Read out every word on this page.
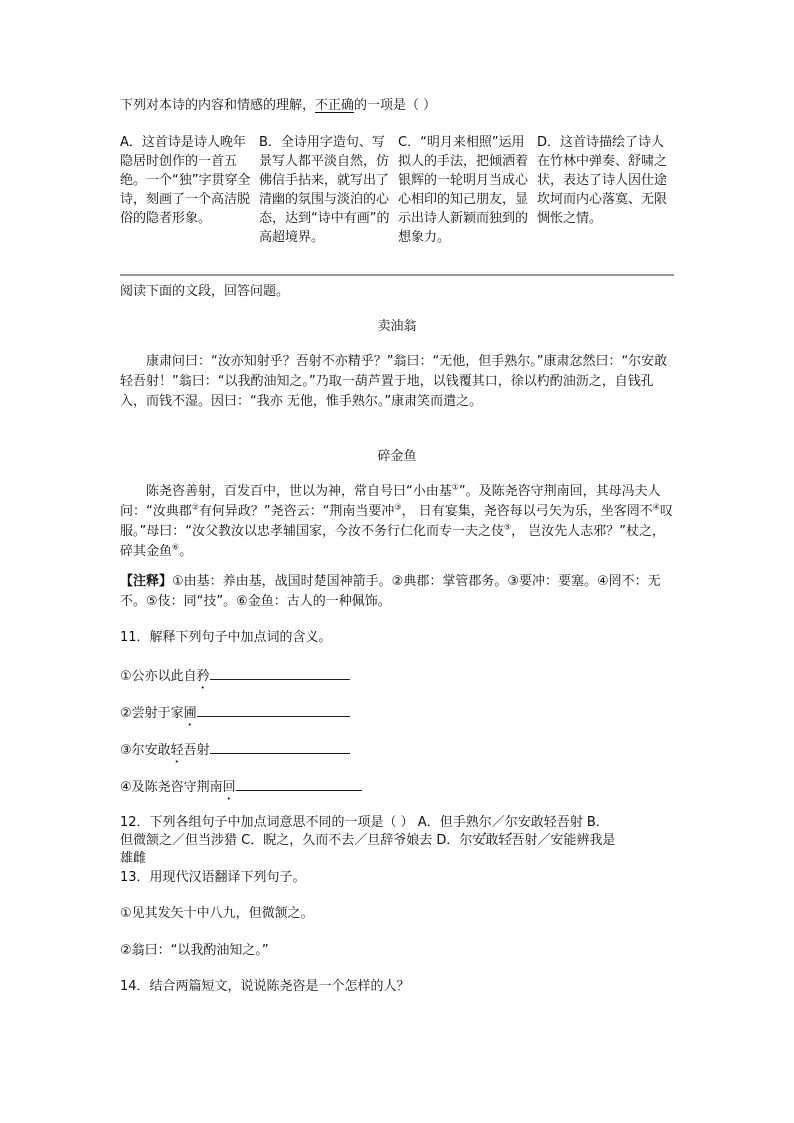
下列对本诗的内容和情感的理解，不正确的一项是（ ）
A．这首诗是诗人晚年隐居时创作的一首五绝。一个“独”字贯穿全诗，刻画了一个高洁脱俗的隐者形象。
B．全诗用字造句、写景写人都平淡自然，仿佛信手拈来，就写出了清幽的氛围与淡泊的心态，达到“诗中有画”的高超境界。
C．“明月来相照”运用拟人的手法，把倾洒着银辉的一轮明月当成心心相印的知己朋友，显示出诗人新颖而独到的想象力。
D．这首诗描绘了诗人在竹林中弹奏、舒啸之状，表达了诗人因仕途坎坷而内心落寞、无限惆怅之情。
阅读下面的文段，回答问题。
卖油翁
康肃问曰：“汝亦知射乎？吾射不亦精乎？”翁曰：“无他，但手熟尔。”康肃忿然曰：“尔安敢轻吾射！”翁曰：“以我酌油知之。”乃取一葫芦置于地，以钱覆其口，徐以杓酌油沥之，自钱孔入，而钱不湿。因曰：“我亦 无他，惟手熟尔。”康肃笑而遣之。
碎金鱼
陈尧咨善射，百发百中，世以为神，常自号曰“小由基①”。及陈尧咨守荆南回，其母冯夫人问：“汝典郡②有何异政？”尧咨云：“荆南当要冲③， 日有宴集，尧咨每以弓矢为乐，坐客罔不④叹服。”母曰：“汝父教汝以忠孝辅国家，今汝不务行仁化而专一夫之伎⑤， 岂汝先人志邪？”杖之，碎其金鱼⑥。
【注释】①由基：养由基，战国时楚国神箭手。②典郡：掌管郡务。③要冲：要塞。④罔不：无不。⑤伎：同“技”。⑥金鱼：古人的一种佩饰。
11．解释下列句子中加点词的含义。
①公亦以此自矜
②尝射于家圃
③尔安敢轻吾射
④及陈尧咨守荆南回
12．下列各组句子中加点词意思不同的一项是（ ） A．但手熟尔／尔安敢轻吾射 B．
但微颔之／但当涉猎 C．睨之，久而不去／旦辞爷娘去 D．尔安敢轻吾射／安能辨我是
雄雌
13．用现代汉语翻译下列句子。
①见其发矢十中八九，但微颔之。
②翁曰：“以我酌油知之。”
14．结合两篇短文，说说陈尧咨是一个怎样的人？
